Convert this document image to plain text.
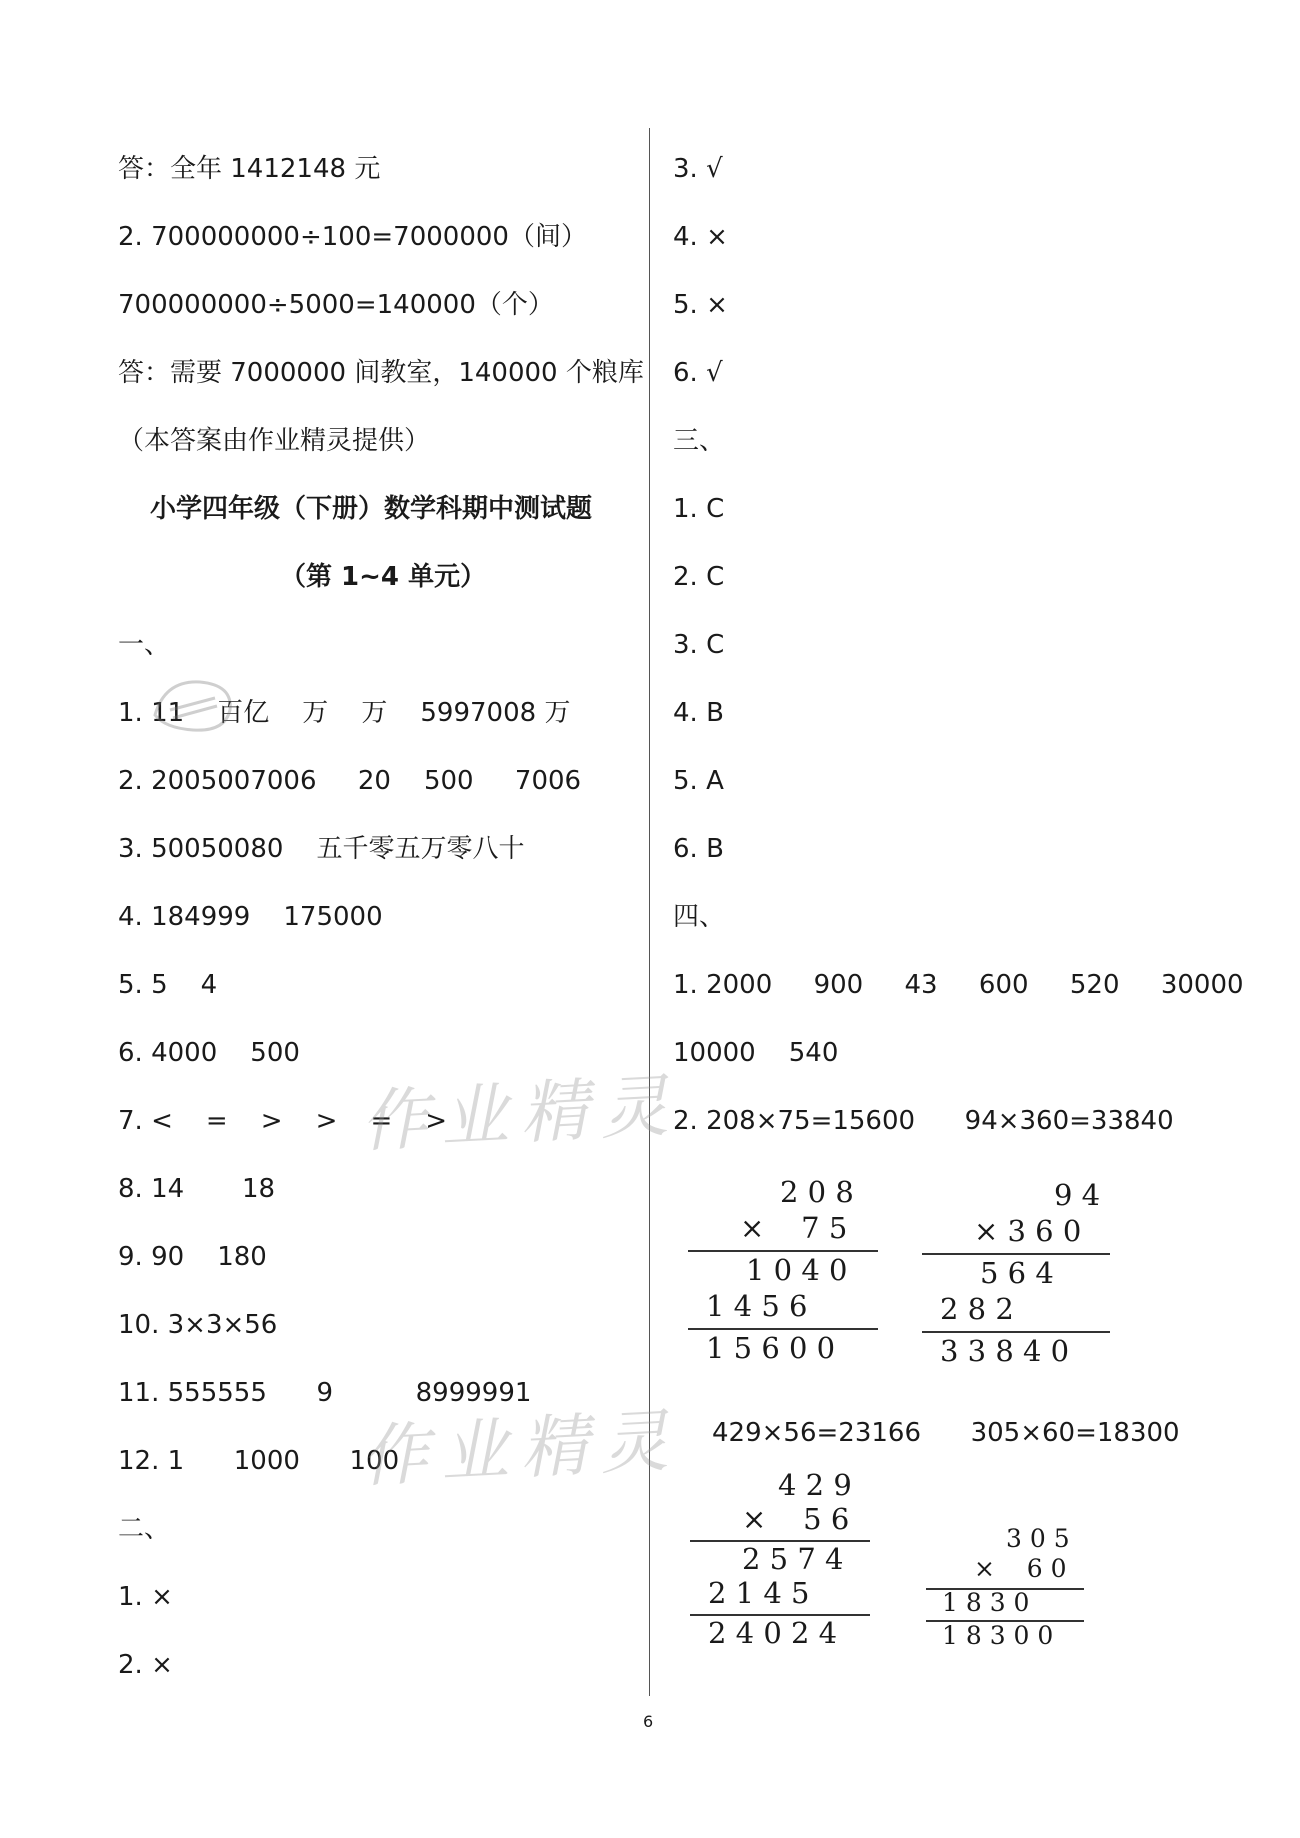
答：全年 1412148 元
2. 700000000÷100=7000000（间）
700000000÷5000=140000（个）
答：需要 7000000 间教室，140000 个粮库
（本答案由作业精灵提供）
小学四年级（下册）数学科期中测试题
（第 1~4 单元）
一、
1. 11    百亿    万    万    5997008 万
2. 2005007006     20    500     7006
3. 50050080    五千零五万零八十
4. 184999    175000
5. 5    4
6. 4000    500
7. <    =    >    >    =    >
8. 14       18
9. 90    180
10. 3×3×56
11. 555555      9          8999991
12. 1      1000      100
二、
1. ×
2. ×
3. √
4. ×
5. ×
6. √
三、
1. C
2. C
3. C
4. B
5. A
6. B
四、
1. 2000     900     43     600     520     30000
10000    540
2. 208×75=15600      94×360=33840
2 0 8
×    7 5
1 0 4 0
1 4 5 6
1 5 6 0 0
9 4
× 3 6 0
5 6 4
2 8 2
3 3 8 4 0
429×56=23166      305×60=18300
4 2 9
×    5 6
2 5 7 4
2 1 4 5
2 4 0 2 4
3 0 5
×    6 0
1 8 3 0
1 8 3 0 0
作业精灵
作业精灵
6
